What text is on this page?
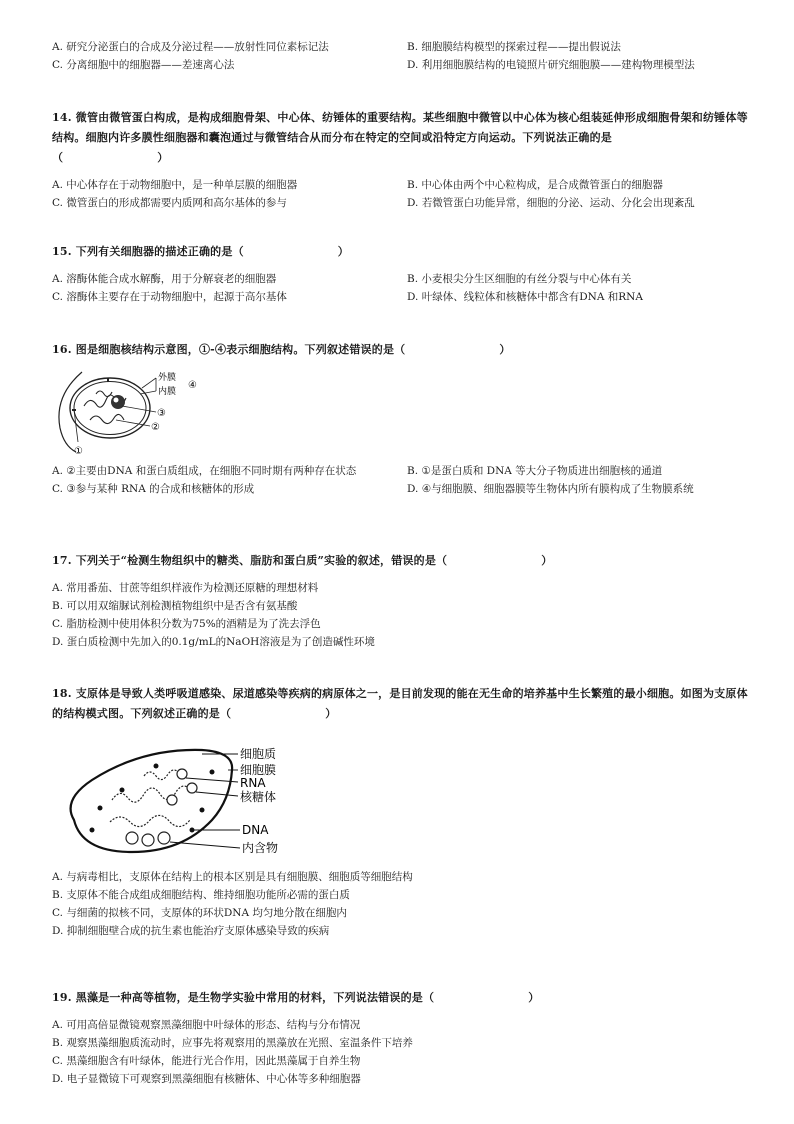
A. 研究分泌蛋白的合成及分泌过程——放射性同位素标记法	B. 细胞膜结构模型的探索过程——提出假说法
C. 分离细胞中的细胞器——差速离心法	D. 利用细胞膜结构的电镜照片研究细胞膜——建构物理模型法
14. 微管由微管蛋白构成，是构成细胞骨架、中心体、纺锤体的重要结构。某些细胞中微管以中心体为核心组装延伸形成细胞骨架和纺锤体等结构。细胞内许多膜性细胞器和囊泡通过与微管结合从而分布在特定的空间或沿特定方向运动。下列说法正确的是
（	）
A. 中心体存在于动物细胞中，是一种单层膜的细胞器	B. 中心体由两个中心粒构成，是合成微管蛋白的细胞器
C. 微管蛋白的形成都需要内质网和高尔基体的参与	D. 若微管蛋白功能异常，细胞的分泌、运动、分化会出现紊乱
15. 下列有关细胞器的描述正确的是（	）
A. 溶酶体能合成水解酶，用于分解衰老的细胞器	B. 小麦根尖分生区细胞的有丝分裂与中心体有关
C. 溶酶体主要存在于动物细胞中，起源于高尔基体	D. 叶绿体、线粒体和核糖体中都含有DNA 和RNA
16. 图是细胞核结构示意图，①-④表示细胞结构。下列叙述错误的是（	）
外膜
内膜
④
③
②
①
A. ②主要由DNA 和蛋白质组成，在细胞不同时期有两种存在状态	B. ①是蛋白质和 DNA 等大分子物质进出细胞核的通道
C. ③参与某种 RNA 的合成和核糖体的形成	D. ④与细胞膜、细胞器膜等生物体内所有膜构成了生物膜系统
17. 下列关于“检测生物组织中的糖类、脂肪和蛋白质”实验的叙述，错误的是（	）
A. 常用番茄、甘蔗等组织样液作为检测还原糖的理想材料
B. 可以用双缩脲试剂检测植物组织中是否含有氨基酸
C. 脂肪检测中使用体积分数为75%的酒精是为了洗去浮色
D. 蛋白质检测中先加入的0.1g/mL的NaOH溶液是为了创造碱性环境
18. 支原体是导致人类呼吸道感染、尿道感染等疾病的病原体之一，是目前发现的能在无生命的培养基中生长繁殖的最小细胞。如图为支原体的结构模式图。下列叙述正确的是（	）
细胞质
细胞膜
RNA
核糖体
DNA
内含物
A. 与病毒相比，支原体在结构上的根本区别是具有细胞膜、细胞质等细胞结构
B. 支原体不能合成组成细胞结构、维持细胞功能所必需的蛋白质
C. 与细菌的拟核不同，支原体的环状DNA 均匀地分散在细胞内
D. 抑制细胞壁合成的抗生素也能治疗支原体感染导致的疾病
19. 黑藻是一种高等植物，是生物学实验中常用的材料，下列说法错误的是（	）
A. 可用高倍显微镜观察黑藻细胞中叶绿体的形态、结构与分布情况
B. 观察黑藻细胞质流动时，应事先将观察用的黑藻放在光照、室温条件下培养
C. 黑藻细胞含有叶绿体，能进行光合作用，因此黑藻属于自养生物
D. 电子显微镜下可观察到黑藻细胞有核糖体、中心体等多种细胞器
